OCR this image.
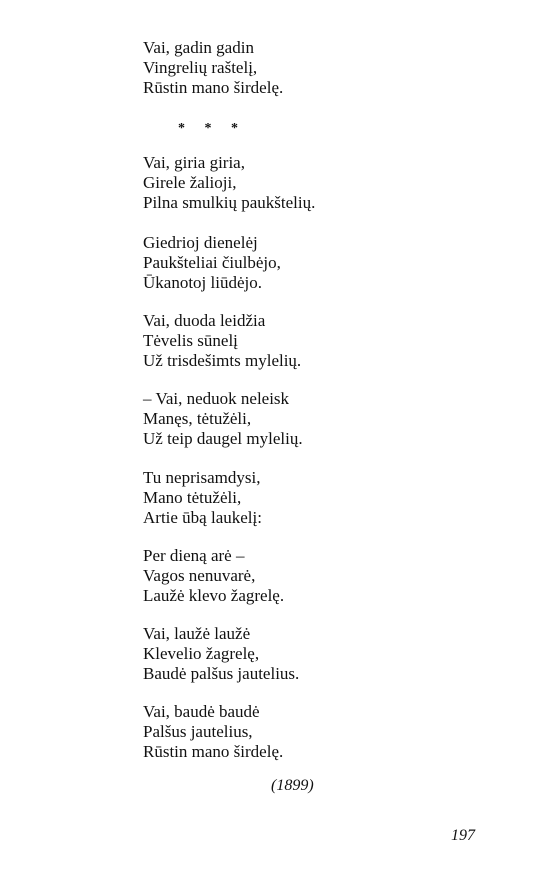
Vai, gadin gadin
Vingrelių raštelį,
Rūstin mano širdelę.
* * *
Vai, giria giria,
Girele žalioji,
Pilna smulkių paukštelių.
Giedrioj dienelėj
Paukšteliai čiulbėjo,
Ūkanotoj liūdėjo.
Vai, duoda leidžia
Tėvelis sūnelį
Už trisdešimts mylelių.
– Vai, neduok neleisk
Manęs, tėtužėli,
Už teip daugel mylelių.
Tu neprisamdysi,
Mano tėtužėli,
Artie ūbą laukelį:
Per dieną arė –
Vagos nenuvarė,
Laužė klevo žagrelę.
Vai, laužė laužė
Klevelio žagrelę,
Baudė palšus jautelius.
Vai, baudė baudė
Palšus jautelius,
Rūstin mano širdelę.
(1899)
197
